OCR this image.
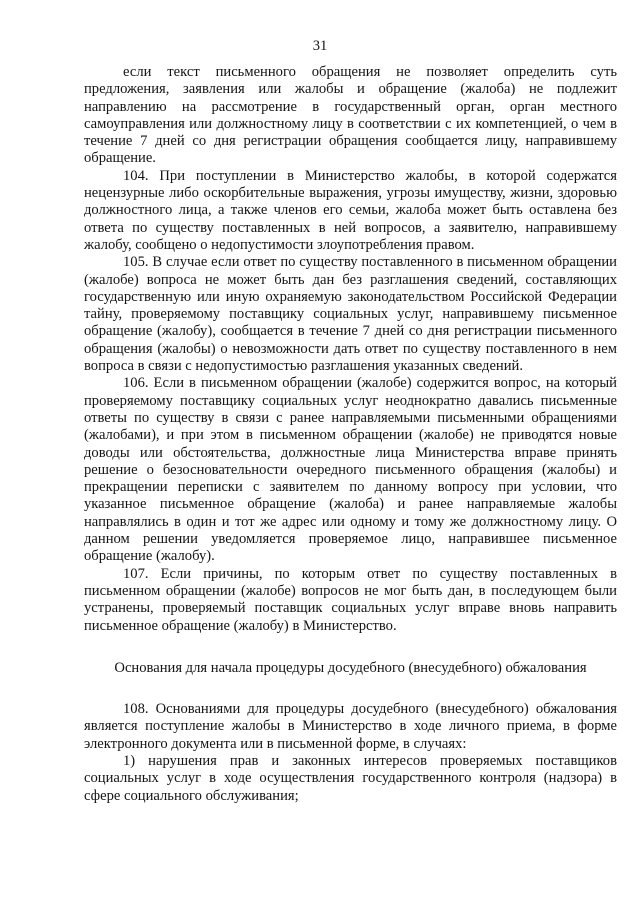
31

если текст письменного обращения не позволяет определить суть предложения, заявления или жалобы и обращение (жалоба) не подлежит направлению на рассмотрение в государственный орган, орган местного самоуправления или должностному лицу в соответствии с их компетенцией, о чем в течение 7 дней со дня регистрации обращения сообщается лицу, направившему обращение.

104. При поступлении в Министерство жалобы, в которой содержатся нецензурные либо оскорбительные выражения, угрозы имуществу, жизни, здоровью должностного лица, а также членов его семьи, жалоба может быть оставлена без ответа по существу поставленных в ней вопросов, а заявителю, направившему жалобу, сообщено о недопустимости злоупотребления правом.

105. В случае если ответ по существу поставленного в письменном обращении (жалобе) вопроса не может быть дан без разглашения сведений, составляющих государственную или иную охраняемую законодательством Российской Федерации тайну, проверяемому поставщику социальных услуг, направившему письменное обращение (жалобу), сообщается в течение 7 дней со дня регистрации письменного обращения (жалобы) о невозможности дать ответ по существу поставленного в нем вопроса в связи с недопустимостью разглашения указанных сведений.

106. Если в письменном обращении (жалобе) содержится вопрос, на который проверяемому поставщику социальных услуг неоднократно давались письменные ответы по существу в связи с ранее направляемыми письменными обращениями (жалобами), и при этом в письменном обращении (жалобе) не приводятся новые доводы или обстоятельства, должностные лица Министерства вправе принять решение о безосновательности очередного письменного обращения (жалобы) и прекращении переписки с заявителем по данному вопросу при условии, что указанное письменное обращение (жалоба) и ранее направляемые жалобы направлялись в один и тот же адрес или одному и тому же должностному лицу. О данном решении уведомляется проверяемое лицо, направившее письменное обращение (жалобу).

107. Если причины, по которым ответ по существу поставленных в письменном обращении (жалобе) вопросов не мог быть дан, в последующем были устранены, проверяемый поставщик социальных услуг вправе вновь направить письменное обращение (жалобу) в Министерство.

Основания для начала процедуры досудебного (внесудебного) обжалования

108. Основаниями для процедуры досудебного (внесудебного) обжалования является поступление жалобы в Министерство в ходе личного приема, в форме электронного документа или в письменной форме, в случаях:

1) нарушения прав и законных интересов проверяемых поставщиков социальных услуг в ходе осуществления государственного контроля (надзора) в сфере социального обслуживания;
